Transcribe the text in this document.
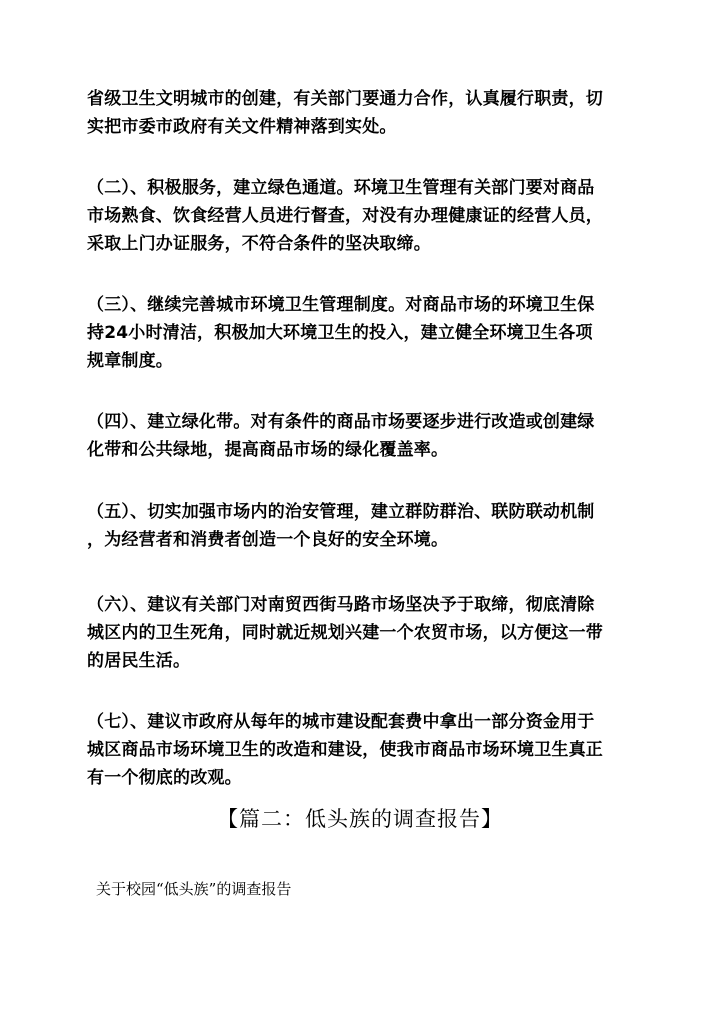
省级卫生文明城市的创建，有关部门要通力合作，认真履行职责，切
实把市委市政府有关文件精神落到实处。
（二）、积极服务，建立绿色通道。环境卫生管理有关部门要对商品
市场熟食、饮食经营人员进行督查，对没有办理健康证的经营人员，
采取上门办证服务，不符合条件的坚决取缔。
（三）、继续完善城市环境卫生管理制度。对商品市场的环境卫生保
持24小时清洁，积极加大环境卫生的投入，建立健全环境卫生各项
规章制度。
（四）、建立绿化带。对有条件的商品市场要逐步进行改造或创建绿
化带和公共绿地，提高商品市场的绿化覆盖率。
（五）、切实加强市场内的治安管理，建立群防群治、联防联动机制
，为经营者和消费者创造一个良好的安全环境。
（六）、建议有关部门对南贸西街马路市场坚决予于取缔，彻底清除
城区内的卫生死角，同时就近规划兴建一个农贸市场，以方便这一带
的居民生活。
（七）、建议市政府从每年的城市建设配套费中拿出一部分资金用于
城区商品市场环境卫生的改造和建设，使我市商品市场环境卫生真正
有一个彻底的改观。
【篇二：低头族的调查报告】
关于校园“低头族”的调查报告
